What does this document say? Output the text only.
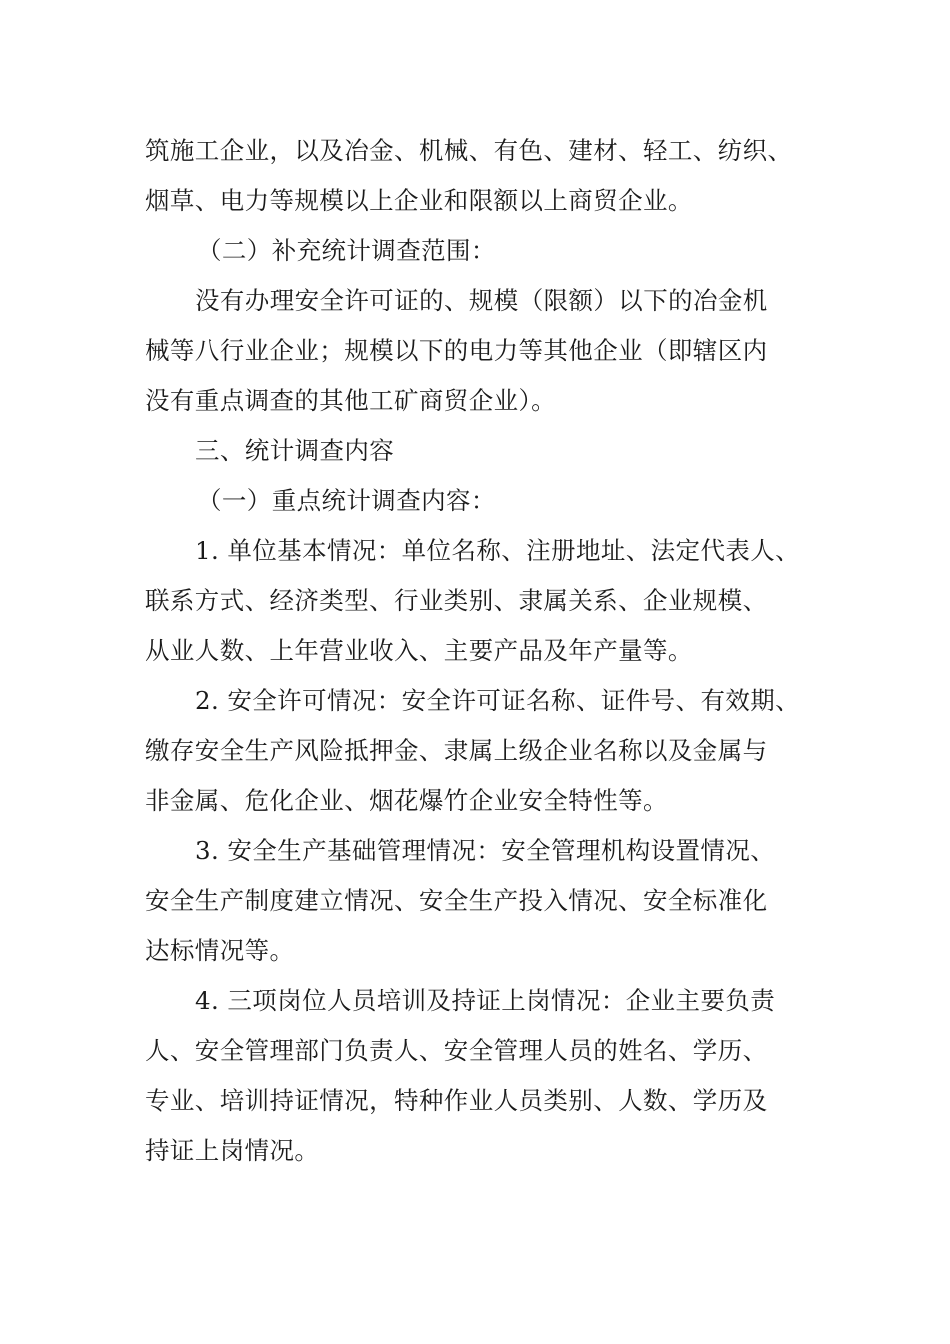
筑施工企业，以及冶金、机械、有色、建材、轻工、纺织、
烟草、电力等规模以上企业和限额以上商贸企业。
（二）补充统计调查范围：
没有办理安全许可证的、规模（限额）以下的冶金机
械等八行业企业；规模以下的电力等其他企业（即辖区内
没有重点调查的其他工矿商贸企业）。
三、统计调查内容
（一）重点统计调查内容：
1. 单位基本情况：单位名称、注册地址、法定代表人、
联系方式、经济类型、行业类别、隶属关系、企业规模、
从业人数、上年营业收入、主要产品及年产量等。
2. 安全许可情况：安全许可证名称、证件号、有效期、
缴存安全生产风险抵押金、隶属上级企业名称以及金属与
非金属、危化企业、烟花爆竹企业安全特性等。
3. 安全生产基础管理情况：安全管理机构设置情况、
安全生产制度建立情况、安全生产投入情况、安全标准化
达标情况等。
4. 三项岗位人员培训及持证上岗情况：企业主要负责
人、安全管理部门负责人、安全管理人员的姓名、学历、
专业、培训持证情况，特种作业人员类别、人数、学历及
持证上岗情况。
